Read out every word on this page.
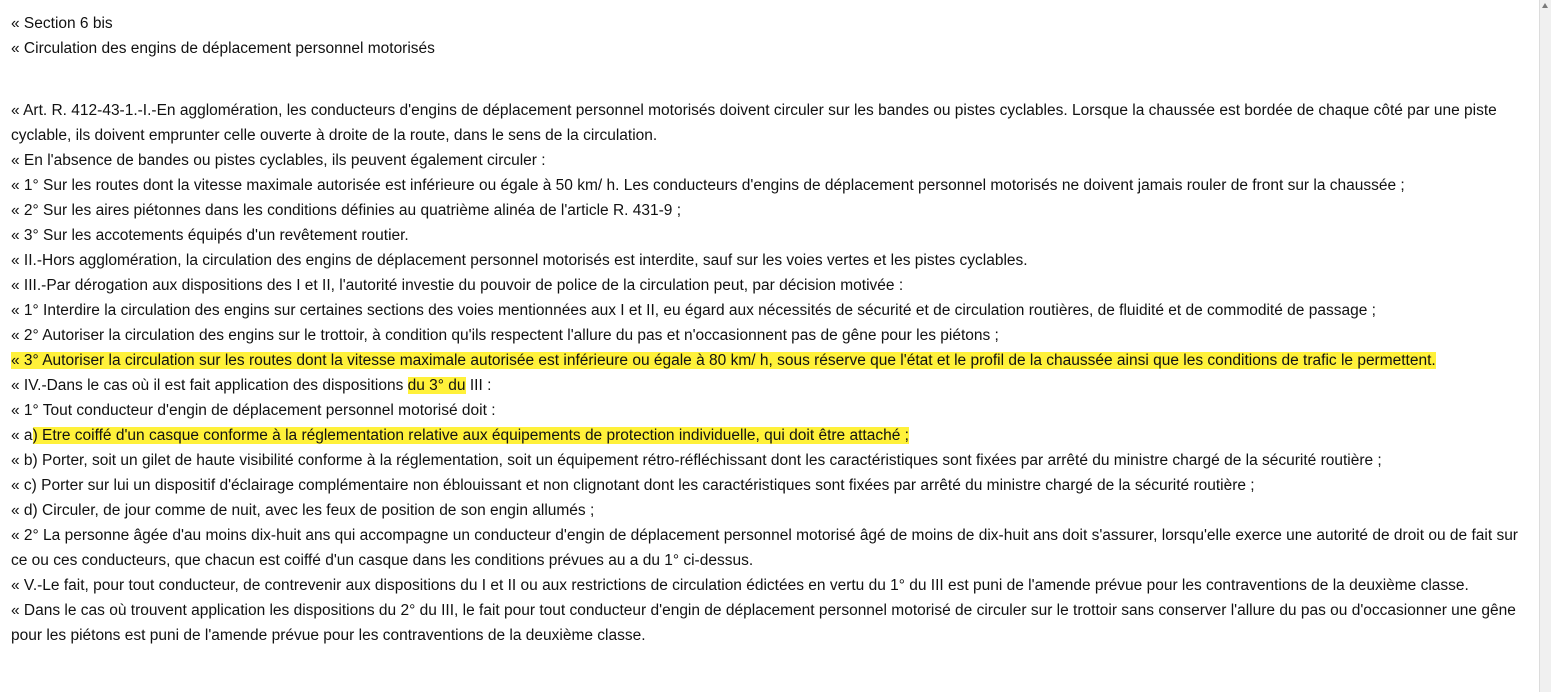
« Section 6 bis

« Circulation des engins de déplacement personnel motorisés

« Art. R. 412-43-1.-I.-En agglomération, les conducteurs d'engins de déplacement personnel motorisés doivent circuler sur les bandes ou pistes cyclables. Lorsque la chaussée est bordée de chaque côté par une piste cyclable, ils doivent emprunter celle ouverte à droite de la route, dans le sens de la circulation.

« En l'absence de bandes ou pistes cyclables, ils peuvent également circuler :

« 1° Sur les routes dont la vitesse maximale autorisée est inférieure ou égale à 50 km/ h. Les conducteurs d'engins de déplacement personnel motorisés ne doivent jamais rouler de front sur la chaussée ;

« 2° Sur les aires piétonnes dans les conditions définies au quatrième alinéa de l'article R. 431-9 ;

« 3° Sur les accotements équipés d'un revêtement routier.

« II.-Hors agglomération, la circulation des engins de déplacement personnel motorisés est interdite, sauf sur les voies vertes et les pistes cyclables.

« III.-Par dérogation aux dispositions des I et II, l'autorité investie du pouvoir de police de la circulation peut, par décision motivée :

« 1° Interdire la circulation des engins sur certaines sections des voies mentionnées aux I et II, eu égard aux nécessités de sécurité et de circulation routières, de fluidité et de commodité de passage ;

« 2° Autoriser la circulation des engins sur le trottoir, à condition qu'ils respectent l'allure du pas et n'occasionnent pas de gêne pour les piétons ;

« 3° Autoriser la circulation sur les routes dont la vitesse maximale autorisée est inférieure ou égale à 80 km/ h, sous réserve que l'état et le profil de la chaussée ainsi que les conditions de trafic le permettent.

« IV.-Dans le cas où il est fait application des dispositions du 3° du III :

« 1° Tout conducteur d'engin de déplacement personnel motorisé doit :

« a) Etre coiffé d'un casque conforme à la réglementation relative aux équipements de protection individuelle, qui doit être attaché ;

« b) Porter, soit un gilet de haute visibilité conforme à la réglementation, soit un équipement rétro-réfléchissant dont les caractéristiques sont fixées par arrêté du ministre chargé de la sécurité routière ;

« c) Porter sur lui un dispositif d'éclairage complémentaire non éblouissant et non clignotant dont les caractéristiques sont fixées par arrêté du ministre chargé de la sécurité routière ;

« d) Circuler, de jour comme de nuit, avec les feux de position de son engin allumés ;

« 2° La personne âgée d'au moins dix-huit ans qui accompagne un conducteur d'engin de déplacement personnel motorisé âgé de moins de dix-huit ans doit s'assurer, lorsqu'elle exerce une autorité de droit ou de fait sur ce ou ces conducteurs, que chacun est coiffé d'un casque dans les conditions prévues au a du 1° ci-dessus.

« V.-Le fait, pour tout conducteur, de contrevenir aux dispositions du I et II ou aux restrictions de circulation édictées en vertu du 1° du III est puni de l'amende prévue pour les contraventions de la deuxième classe.

« Dans le cas où trouvent application les dispositions du 2° du III, le fait pour tout conducteur d'engin de déplacement personnel motorisé de circuler sur le trottoir sans conserver l'allure du pas ou d'occasionner une gêne pour les piétons est puni de l'amende prévue pour les contraventions de la deuxième classe.
